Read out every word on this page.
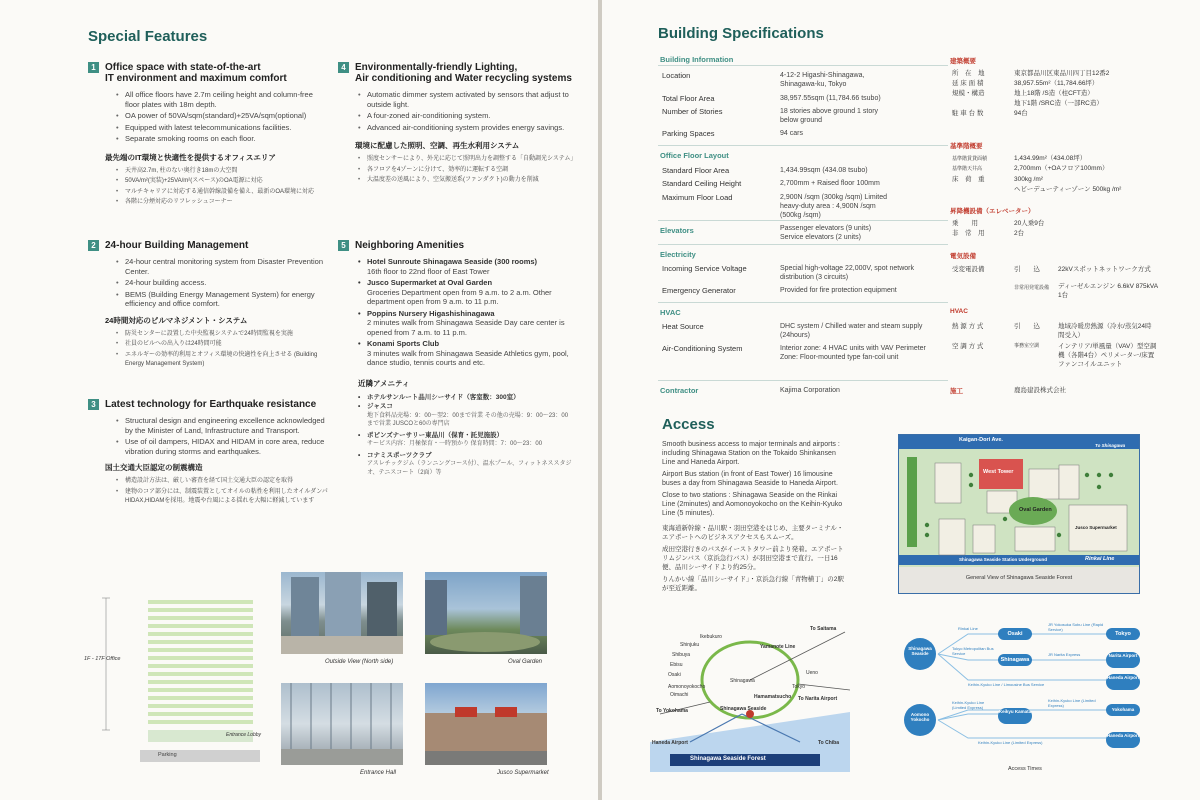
Special Features
1 Office space with state-of-the-art
IT environment and maximum comfort
• All office floors have 2.7m ceiling height and column-free floor plates with 18m depth.
• OA power of 50VA/sqm(standard)+25VA/sqm(optional)
• Equipped with latest telecommunications facilities.
• Separate smoking rooms on each floor.
最先端のIT環境と快適性を提供するオフィスエリア
• 天井高2.7m, 柱のない奥行き18mの大空間
• 50VA/m²(実装)+25VA/m²(スペース)のOA電源に対応
• マルチキャリアに対応する通信幹線設備を備え、最新のOA環境に対応
• 各階に分煙対応のリフレッシュコーナー
2 24-hour Building Management
• 24-hour central monitoring system from Disaster Prevention Center.
• 24-hour building access.
• BEMS (Building Energy Management System) for energy efficiency and office comfort.
24時間対応のビルマネジメント・システム
• 防災センターに設置した中央監視システムで24時間監視を実施
• 社員のビルへの出入りは24時間可能
• エネルギーの効率的利用とオフィス環境の快適性を向上させる (Building Energy Management System)
3 Latest technology for Earthquake resistance
• Structural design and engineering excellence acknowledged by the Minister of Land, Infrastructure and Transport.
• Use of oil dampers, HIDAX and HIDAM in core area, reduce vibration during storms and earthquakes.
国土交通大臣認定の制震構造
• 構造設計方法は、厳しい審査を経て国土交通大臣の認定を取得
• 建物のコア部分には、制震装置としてオイルの粘性を利用したオイルダンパHIDAX,HIDAMを採用。地震や台風による揺れを大幅に軽減しています
4 Environmentally-friendly Lighting,
Air conditioning and Water recycling systems
• Automatic dimmer system activated by sensors that adjust to outside light.
• A four-zoned air-conditioning system.
• Advanced air-conditioning system provides energy savings.
環境に配慮した照明、空調、再生水利用システム
• 照度センサーにより、外光に応じて照明出力を調整する「自動調光システム」
• 各フロアを4ゾーンに分けて、効率的に運転する空調
• 大温度差の送風により、空気搬送系(ファンダクト)の動力を削減
5 Neighboring Amenities
• Hotel Sunroute Shinagawa Seaside (300 rooms)
16th floor to 22nd floor of East Tower
• Jusco Supermarket at Oval Garden
Groceries Department open from 9 a.m. to 2 a.m. Other department open from 9 a.m. to 11 p.m.
• Poppins Nursery Higashishinagawa
2 minutes walk from Shinagawa Seaside Day care center is opened from 7 a.m. to 11 p.m.
• Konami Sports Club
3 minutes walk from Shinagawa Seaside Athletics gym, pool, dance studio, tennis courts and etc.
近隣アメニティ
• ホテルサンルート品川シーサイド（客室数：300室）
• ジャスコ
地下食料品売場：9：00〜翌2：00まで営業 その他の売場：9：00〜23：00まで営業 JUSCOと60の専門店
• ポピンズナーサリー東品川（保育・託児施設）
サービス内容：月極保育・一時預かり 保育時間：7：00〜23：00
• コナミスポーツクラブ
アスレチックジム（ランニングコース付）、温水プール、フィットネススタジオ、テニスコート（2面）等
1F - 17F Office
Entrance Lobby
Parking
Outside View (North side)	Oval Garden
Entrance Hall	Jusco Supermarket
Building Specifications
Building Information
Location	4-12-2 Higashi-Shinagawa, Shinagawa-ku, Tokyo
Total Floor Area	38,957.55sqm (11,784.66 tsubo)
Number of Stories	18 stories above ground 1 story below ground
Parking Spaces	94 cars
Office Floor Layout
Standard Floor Area	1,434.99sqm (434.08 tsubo)
Standard Ceiling Height	2,700mm + Raised floor 100mm
Maximum Floor Load	2,900N /sqm (300kg /sqm) Limited heavy-duty area : 4,900N /sqm (500kg /sqm)
Elevators	Passenger elevators (9 units) Service elevators (2 units)
Electricity
Incoming Service Voltage	Special high-voltage 22,000V, spot network distribution (3 circuits)
Emergency Generator	Provided for fire protection equipment
HVAC
Heat Source	DHC system / Chilled water and steam supply (24hours)
Air-Conditioning System	Interior zone: 4 HVAC units with VAV Perimeter Zone: Floor-mounted type fan-coil unit
Contractor	Kajima Corporation
建築概要
所　在　地	東京都品川区東品川四丁目12番2
延 床 面 積	38,957.55m²（11,784.66坪）
規模・構造	地上18階 /S造（柱CFT造）
地下1階 /SRC造（一部RC造）
駐 車 台 数	94台
基準階概要
基準階賃貸面積	1,434.99m²（434.08坪）
基準階天井高	2,700mm（+OAフロア100mm）
床　荷　重	300kg /m²
ヘビーデューティーゾーン 500kg /m²
昇降機設備（エレベーター）
乗　　用	20人乗9台
非　常　用	2台
電気設備
受変電設備	引　　込	22kVスポットネットワーク方式
非常用発電設備 ディーゼルエンジン 6.6kV 875kVA 1台
HVAC
熱 源 方 式	引　　込	地域冷暖房熱源（冷水/蒸気24時間受入）
空 調 方 式	事務室空調	インテリア/単風量（VAV）型空調機（各階4台）ペリメーター/床置ファンコイルユニット
施工	鹿島建設株式会社
Access
Smooth business access to major terminals and airports : including Shinagawa Station on the Tokaido Shinkansen Line and Haneda Airport.
Airport Bus station (in front of East Tower) 16 limousine buses a day from Shinagawa Seaside to Haneda Airport.
Close to two stations : Shinagawa Seaside on the Rinkai Line (2minutes) and Aomonoyokocho on the Keihin-Kyuko Line (5 minutes).
東海道新幹線・品川駅・羽田空港をはじめ、主要ターミナル・エアポートへのビジネスアクセスもスムーズ。
成田空港行きのバスがイーストタワー前より発着。エアポートリムジンバス（京浜急行バス）が羽田空港まで直行。一日16便、品川シーサイドより約25分。
りんかい線「品川シーサイド」・京浜急行線「青物横丁」の2駅が至近距離。
Kaigan-Dori Ave.
To Shinagawa
West Tower
Oval Garden
Jusco Supermarket
Shinagawa Seaside Station Underground	Rinkai Line
General View of Shinagawa Seaside Forest
To Saitama
Yamanote Line
Ikebukuro
Shinjuku
Shibuya
Ebisu
Osaki	Ueno
Tokyo
Shinagawa
Hamamatsucho
Aomonoyokocho
Oimachi
To Narita Airport
To Yokohama	Shinagawa Seaside
To Chiba
Haneda Airport
Shinagawa Seaside Forest
Shinagawa Seaside
Aomono Yokocho
Osaki
Shinagawa
Tokyo
Narita Airport
Haneda Airport
Keikyu Kamata	Yokohama
Haneda Airport
Rinkai Line
JR Yokosuka Sobu Line (Rapid Service)
Tokyo Metropolitan Bus Service	JR Narita Express
Keihin-Kyuko Line / Limousine Bus Service
Keihin-Kyuko Line (Limited Express)
Keihin-Kyuko Line (Limited Express)
Keihin-Kyuko Line (Limited Express)
Access Times
